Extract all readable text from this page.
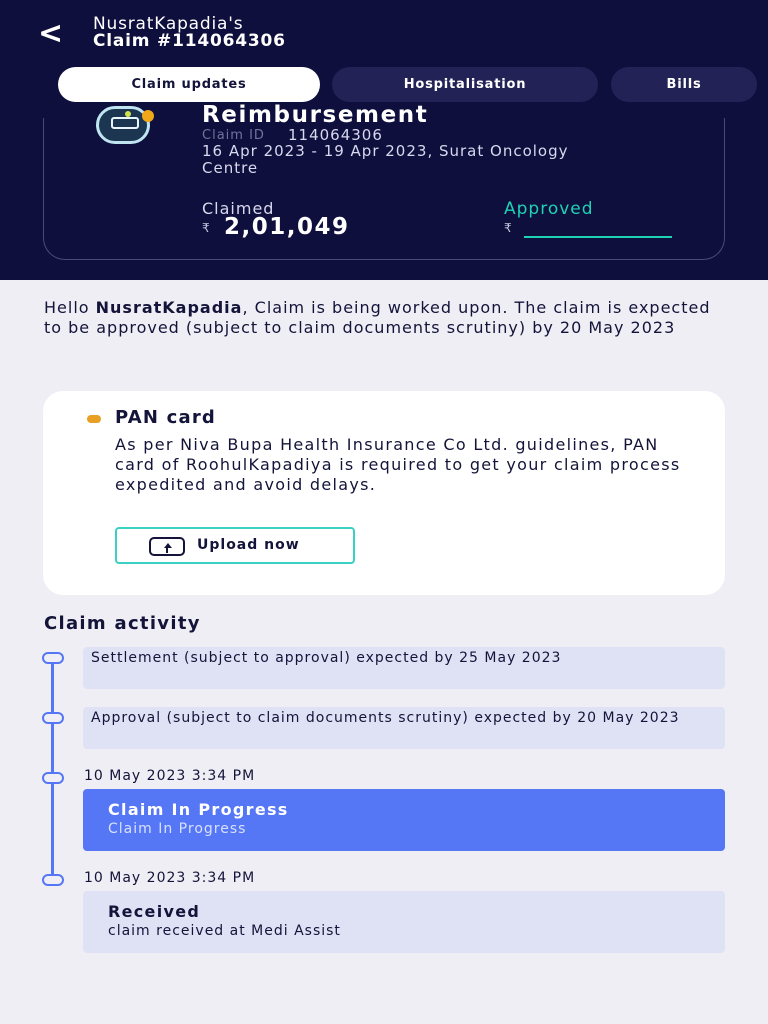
< NusratKapadia's
Claim #114064306
Claim updates	Hospitalisation	Bills
Reimbursement
Claim ID 114064306
16 Apr 2023 - 19 Apr 2023, Surat Oncology Centre
Claimed
₹ 2,01,049
Approved
₹
Hello NusratKapadia, Claim is being worked upon. The claim is expected to be approved (subject to claim documents scrutiny) by 20 May 2023
PAN card
As per Niva Bupa Health Insurance Co Ltd. guidelines, PAN card of RoohulKapadiya is required to get your claim process expedited and avoid delays.
Upload now
Claim activity
Settlement (subject to approval) expected by 25 May 2023
Approval (subject to claim documents scrutiny) expected by 20 May 2023
10 May 2023 3:34 PM
Claim In Progress
Claim In Progress
10 May 2023 3:34 PM
Received
claim received at Medi Assist
